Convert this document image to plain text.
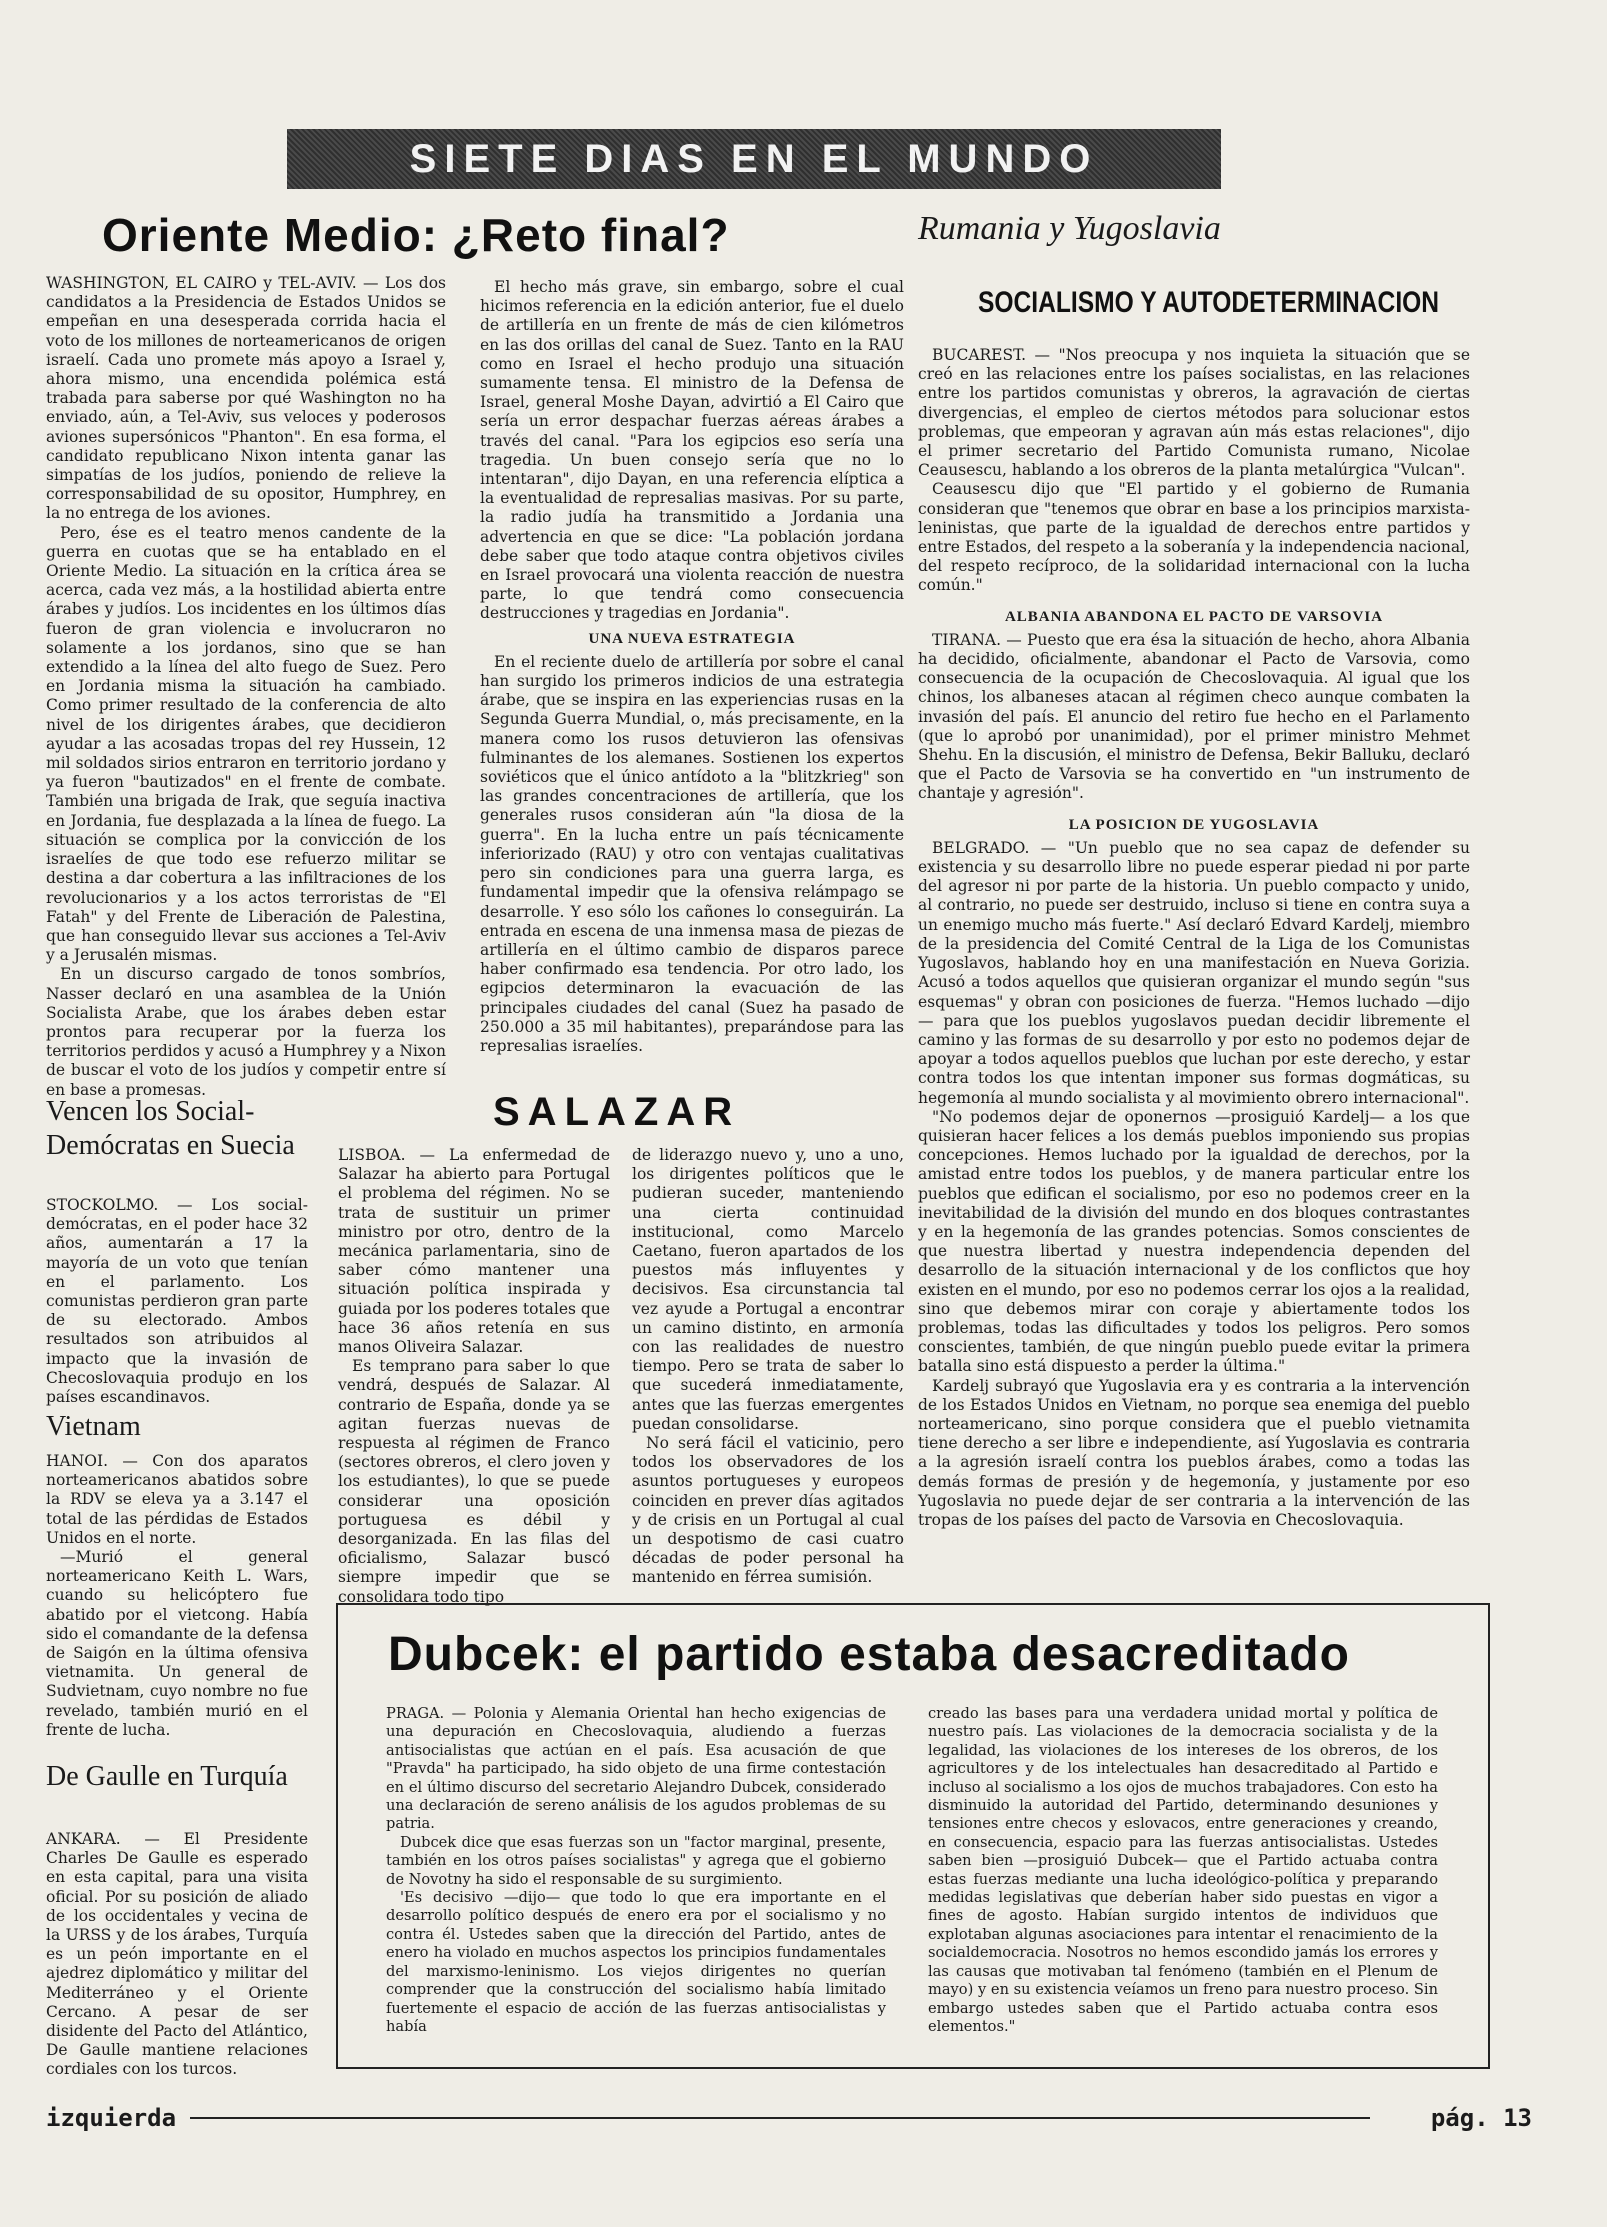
SIETE DIAS EN EL MUNDO
Oriente Medio: ¿Reto final?

WASHINGTON, EL CAIRO y TEL-AVIV. — Los dos candidatos a la Presidencia de Estados Unidos se empeñan en una desesperada corrida hacia el voto de los millones de norteamericanos de origen israelí. Cada uno promete más apoyo a Israel y, ahora mismo, una encendida polémica está trabada para saberse por qué Washington no ha enviado, aún, a Tel-Aviv, sus veloces y poderosos aviones supersónicos "Phanton". En esa forma, el candidato republicano Nixon intenta ganar las simpatías de los judíos, poniendo de relieve la corresponsabilidad de su opositor, Humphrey, en la no entrega de los aviones.

Pero, ése es el teatro menos candente de la guerra en cuotas que se ha entablado en el Oriente Medio. La situación en la crítica área se acerca, cada vez más, a la hostilidad abierta entre árabes y judíos. Los incidentes en los últimos días fueron de gran violencia e involucraron no solamente a los jordanos, sino que se han extendido a la línea del alto fuego de Suez. Pero en Jordania misma la situación ha cambiado. Como primer resultado de la conferencia de alto nivel de los dirigentes árabes, que decidieron ayudar a las acosadas tropas del rey Hussein, 12 mil soldados sirios entraron en territorio jordano y ya fueron "bautizados" en el frente de combate. También una brigada de Irak, que seguía inactiva en Jordania, fue desplazada a la línea de fuego. La situación se complica por la convicción de los israelíes de que todo ese refuerzo militar se destina a dar cobertura a las infiltraciones de los revolucionarios y a los actos terroristas de "El Fatah" y del Frente de Liberación de Palestina, que han conseguido llevar sus acciones a Tel-Aviv y a Jerusalén mismas.

En un discurso cargado de tonos sombríos, Nasser declaró en una asamblea de la Unión Socialista Arabe, que los árabes deben estar prontos para recuperar por la fuerza los territorios perdidos y acusó a Humphrey y a Nixon de buscar el voto de los judíos y competir entre sí en base a promesas.

El hecho más grave, sin embargo, sobre el cual hicimos referencia en la edición anterior, fue el duelo de artillería en un frente de más de cien kilómetros en las dos orillas del canal de Suez. Tanto en la RAU como en Israel el hecho produjo una situación sumamente tensa. El ministro de la Defensa de Israel, general Moshe Dayan, advirtió a El Cairo que sería un error despachar fuerzas aéreas árabes a través del canal. "Para los egipcios eso sería una tragedia. Un buen consejo sería que no lo intentaran", dijo Dayan, en una referencia elíptica a la eventualidad de represalias masivas. Por su parte, la radio judía ha transmitido a Jordania una advertencia en que se dice: "La población jordana debe saber que todo ataque contra objetivos civiles en Israel provocará una violenta reacción de nuestra parte, lo que tendrá como consecuencia destrucciones y tragedias en Jordania".

UNA NUEVA ESTRATEGIA

En el reciente duelo de artillería por sobre el canal han surgido los primeros indicios de una estrategia árabe, que se inspira en las experiencias rusas en la Segunda Guerra Mundial, o, más precisamente, en la manera como los rusos detuvieron las ofensivas fulminantes de los alemanes. Sostienen los expertos soviéticos que el único antídoto a la "blitzkrieg" son las grandes concentraciones de artillería, que los generales rusos consideran aún "la diosa de la guerra". En la lucha entre un país técnicamente inferiorizado (RAU) y otro con ventajas cualitativas pero sin condiciones para una guerra larga, es fundamental impedir que la ofensiva relámpago se desarrolle. Y eso sólo los cañones lo conseguirán. La entrada en escena de una inmensa masa de piezas de artillería en el último cambio de disparos parece haber confirmado esa tendencia. Por otro lado, los egipcios determinaron la evacuación de las principales ciudades del canal (Suez ha pasado de 250.000 a 35 mil habitantes), preparándose para las represalias israelíes.

Rumania y Yugoslavia
SOCIALISMO Y AUTODETERMINACION

BUCAREST. — "Nos preocupa y nos inquieta la situación que se creó en las relaciones entre los países socialistas, en las relaciones entre los partidos comunistas y obreros, la agravación de ciertas divergencias, el empleo de ciertos métodos para solucionar estos problemas, que empeoran y agravan aún más estas relaciones", dijo el primer secretario del Partido Comunista rumano, Nicolae Ceausescu, hablando a los obreros de la planta metalúrgica "Vulcan".

Ceausescu dijo que "El partido y el gobierno de Rumania consideran que "tenemos que obrar en base a los principios marxista-leninistas, que parte de la igualdad de derechos entre partidos y entre Estados, del respeto a la soberanía y la independencia nacional, del respeto recíproco, de la solidaridad internacional con la lucha común."

ALBANIA ABANDONA EL PACTO DE VARSOVIA

TIRANA. — Puesto que era ésa la situación de hecho, ahora Albania ha decidido, oficialmente, abandonar el Pacto de Varsovia, como consecuencia de la ocupación de Checoslovaquia. Al igual que los chinos, los albaneses atacan al régimen checo aunque combaten la invasión del país. El anuncio del retiro fue hecho en el Parlamento (que lo aprobó por unanimidad), por el primer ministro Mehmet Shehu. En la discusión, el ministro de Defensa, Bekir Balluku, declaró que el Pacto de Varsovia se ha convertido en "un instrumento de chantaje y agresión".

LA POSICION DE YUGOSLAVIA

BELGRADO. — "Un pueblo que no sea capaz de defender su existencia y su desarrollo libre no puede esperar piedad ni por parte del agresor ni por parte de la historia. Un pueblo compacto y unido, al contrario, no puede ser destruido, incluso si tiene en contra suya a un enemigo mucho más fuerte." Así declaró Edvard Kardelj, miembro de la presidencia del Comité Central de la Liga de los Comunistas Yugoslavos, hablando hoy en una manifestación en Nueva Gorizia. Acusó a todos aquellos que quisieran organizar el mundo según "sus esquemas" y obran con posiciones de fuerza. "Hemos luchado —dijo— para que los pueblos yugoslavos puedan decidir libremente el camino y las formas de su desarrollo y por esto no podemos dejar de apoyar a todos aquellos pueblos que luchan por este derecho, y estar contra todos los que intentan imponer sus formas dogmáticas, su hegemonía al mundo socialista y al movimiento obrero internacional".

"No podemos dejar de oponernos —prosiguió Kardelj— a los que quisieran hacer felices a los demás pueblos imponiendo sus propias concepciones. Hemos luchado por la igualdad de derechos, por la amistad entre todos los pueblos, y de manera particular entre los pueblos que edifican el socialismo, por eso no podemos creer en la inevitabilidad de la división del mundo en dos bloques contrastantes y en la hegemonía de las grandes potencias. Somos conscientes de que nuestra libertad y nuestra independencia dependen del desarrollo de la situación internacional y de los conflictos que hoy existen en el mundo, por eso no podemos cerrar los ojos a la realidad, sino que debemos mirar con coraje y abiertamente todos los problemas, todas las dificultades y todos los peligros. Pero somos conscientes, también, de que ningún pueblo puede evitar la primera batalla sino está dispuesto a perder la última."

Kardelj subrayó que Yugoslavia era y es contraria a la intervención de los Estados Unidos en Vietnam, no porque sea enemiga del pueblo norteamericano, sino porque considera que el pueblo vietnamita tiene derecho a ser libre e independiente, así Yugoslavia es contraria a la agresión israelí contra los pueblos árabes, como a todas las demás formas de presión y de hegemonía, y justamente por eso Yugoslavia no puede dejar de ser contraria a la intervención de las tropas de los países del pacto de Varsovia en Checoslovaquia.

Vencen los Social-Demócratas en Suecia

STOCKOLMO. — Los social-demócratas, en el poder hace 32 años, aumentarán a 17 la mayoría de un voto que tenían en el parlamento. Los comunistas perdieron gran parte de su electorado. Ambos resultados son atribuidos al impacto que la invasión de Checoslovaquia produjo en los países escandinavos.

Vietnam

HANOI. — Con dos aparatos norteamericanos abatidos sobre la RDV se eleva ya a 3.147 el total de las pérdidas de Estados Unidos en el norte.

—Murió el general norteamericano Keith L. Wars, cuando su helicóptero fue abatido por el vietcong. Había sido el comandante de la defensa de Saigón en la última ofensiva vietnamita. Un general de Sudvietnam, cuyo nombre no fue revelado, también murió en el frente de lucha.

De Gaulle en Turquía

ANKARA. — El Presidente Charles De Gaulle es esperado en esta capital, para una visita oficial. Por su posición de aliado de los occidentales y vecina de la URSS y de los árabes, Turquía es un peón importante en el ajedrez diplomático y militar del Mediterráneo y el Oriente Cercano. A pesar de ser disidente del Pacto del Atlántico, De Gaulle mantiene relaciones cordiales con los turcos.

SALAZAR

LISBOA. — La enfermedad de Salazar ha abierto para Portugal el problema del régimen. No se trata de sustituir un primer ministro por otro, dentro de la mecánica parlamentaria, sino de saber cómo mantener una situación política inspirada y guiada por los poderes totales que hace 36 años retenía en sus manos Oliveira Salazar.

Es temprano para saber lo que vendrá, después de Salazar. Al contrario de España, donde ya se agitan fuerzas nuevas de respuesta al régimen de Franco (sectores obreros, el clero joven y los estudiantes), lo que se puede considerar una oposición portuguesa es débil y desorganizada. En las filas del oficialismo, Salazar buscó siempre impedir que se consolidara todo tipo

de liderazgo nuevo y, uno a uno, los dirigentes políticos que le pudieran suceder, manteniendo una cierta continuidad institucional, como Marcelo Caetano, fueron apartados de los puestos más influyentes y decisivos. Esa circunstancia tal vez ayude a Portugal a encontrar un camino distinto, en armonía con las realidades de nuestro tiempo. Pero se trata de saber lo que sucederá inmediatamente, antes que las fuerzas emergentes puedan consolidarse.

No será fácil el vaticinio, pero todos los observadores de los asuntos portugueses y europeos coinciden en prever días agitados y de crisis en un Portugal al cual un despotismo de casi cuatro décadas de poder personal ha mantenido en férrea sumisión.

Dubcek: el partido estaba desacreditado

PRAGA. — Polonia y Alemania Oriental han hecho exigencias de una depuración en Checoslovaquia, aludiendo a fuerzas antisocialistas que actúan en el país. Esa acusación de que "Pravda" ha participado, ha sido objeto de una firme contestación en el último discurso del secretario Alejandro Dubcek, considerado una declaración de sereno análisis de los agudos problemas de su patria.

Dubcek dice que esas fuerzas son un "factor marginal, presente, también en los otros países socialistas" y agrega que el gobierno de Novotny ha sido el responsable de su surgimiento.

'Es decisivo —dijo— que todo lo que era importante en el desarrollo político después de enero era por el socialismo y no contra él. Ustedes saben que la dirección del Partido, antes de enero ha violado en muchos aspectos los principios fundamentales del marxismo-leninismo. Los viejos dirigentes no querían comprender que la construcción del socialismo había limitado fuertemente el espacio de acción de las fuerzas antisocialistas y había

creado las bases para una verdadera unidad mortal y política de nuestro país. Las violaciones de la democracia socialista y de la legalidad, las violaciones de los intereses de los obreros, de los agricultores y de los intelectuales han desacreditado al Partido e incluso al socialismo a los ojos de muchos trabajadores. Con esto ha disminuido la autoridad del Partido, determinando desuniones y tensiones entre checos y eslovacos, entre generaciones y creando, en consecuencia, espacio para las fuerzas antisocialistas. Ustedes saben bien —prosiguió Dubcek— que el Partido actuaba contra estas fuerzas mediante una lucha ideológico-política y preparando medidas legislativas que deberían haber sido puestas en vigor a fines de agosto. Habían surgido intentos de individuos que explotaban algunas asociaciones para intentar el renacimiento de la socialdemocracia. Nosotros no hemos escondido jamás los errores y las causas que motivaban tal fenómeno (también en el Plenum de mayo) y en su existencia veíamos un freno para nuestro proceso. Sin embargo ustedes saben que el Partido actuaba contra esos elementos."

izquierda	pág. 13
